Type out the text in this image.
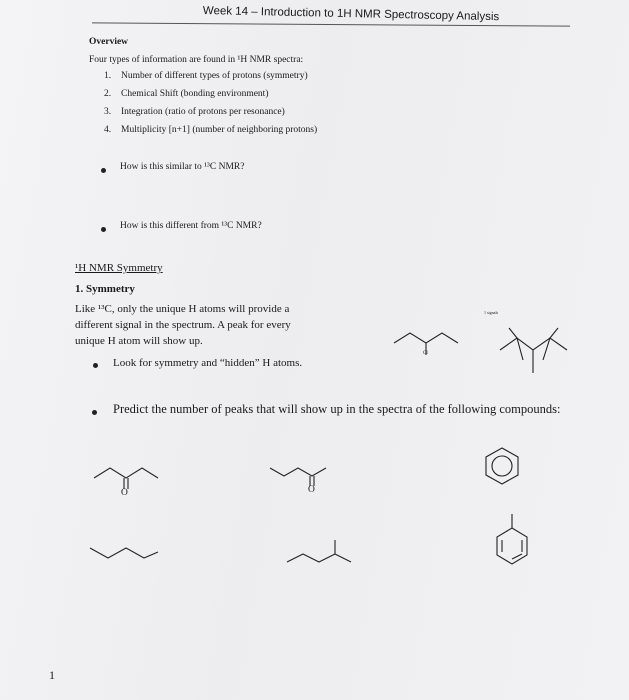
Week 14 – Introduction to 1H NMR Spectroscopy Analysis
Overview
Four types of information are found in ¹H NMR spectra:
1. Number of different types of protons (symmetry)
2. Chemical Shift (bonding environment)
3. Integration (ratio of protons per resonance)
4. Multiplicity [n+1] (number of neighboring protons)
How is this similar to ¹³C NMR?
How is this different from ¹³C NMR?
¹H NMR Symmetry
1. Symmetry
Like ¹³C, only the unique H atoms will provide a
different signal in the spectrum. A peak for every
unique H atom will show up.
Look for symmetry and “hidden” H atoms.
Cl
1 signals
Predict the number of peaks that will show up in the spectra of the following compounds:
O	O
1
